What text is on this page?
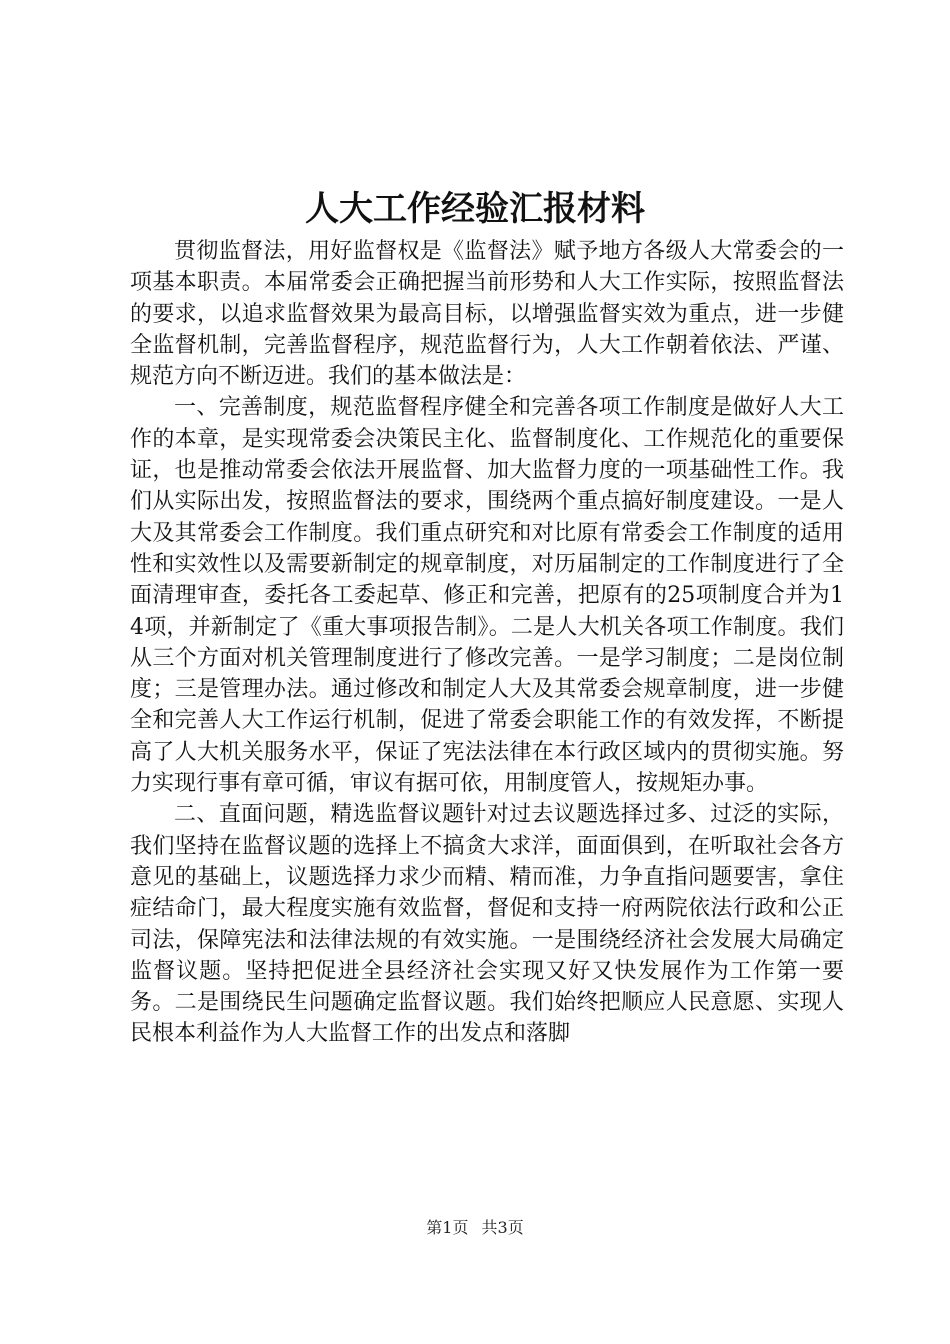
人大工作经验汇报材料

贯彻监督法，用好监督权是《监督法》赋予地方各级人大常委会的一项基本职责。本届常委会正确把握当前形势和人大工作实际，按照监督法的要求，以追求监督效果为最高目标，以增强监督实效为重点，进一步健全监督机制，完善监督程序，规范监督行为，人大工作朝着依法、严谨、规范方向不断迈进。我们的基本做法是：

一、完善制度，规范监督程序健全和完善各项工作制度是做好人大工作的本章，是实现常委会决策民主化、监督制度化、工作规范化的重要保证，也是推动常委会依法开展监督、加大监督力度的一项基础性工作。我们从实际出发，按照监督法的要求，围绕两个重点搞好制度建设。一是人大及其常委会工作制度。我们重点研究和对比原有常委会工作制度的适用性和实效性以及需要新制定的规章制度，对历届制定的工作制度进行了全面清理审查，委托各工委起草、修正和完善，把原有的25项制度合并为14项，并新制定了《重大事项报告制》。二是人大机关各项工作制度。我们从三个方面对机关管理制度进行了修改完善。一是学习制度；二是岗位制度；三是管理办法。通过修改和制定人大及其常委会规章制度，进一步健全和完善人大工作运行机制，促进了常委会职能工作的有效发挥，不断提高了人大机关服务水平，保证了宪法法律在本行政区域内的贯彻实施。努力实现行事有章可循，审议有据可依，用制度管人，按规矩办事。

二、直面问题，精选监督议题针对过去议题选择过多、过泛的实际，我们坚持在监督议题的选择上不搞贪大求洋，面面俱到，在听取社会各方意见的基础上，议题选择力求少而精、精而准，力争直指问题要害，拿住症结命门，最大程度实施有效监督，督促和支持一府两院依法行政和公正司法，保障宪法和法律法规的有效实施。一是围绕经济社会发展大局确定监督议题。坚持把促进全县经济社会实现又好又快发展作为工作第一要务。二是围绕民生问题确定监督议题。我们始终把顺应人民意愿、实现人民根本利益作为人大监督工作的出发点和落脚

第1页 共3页
